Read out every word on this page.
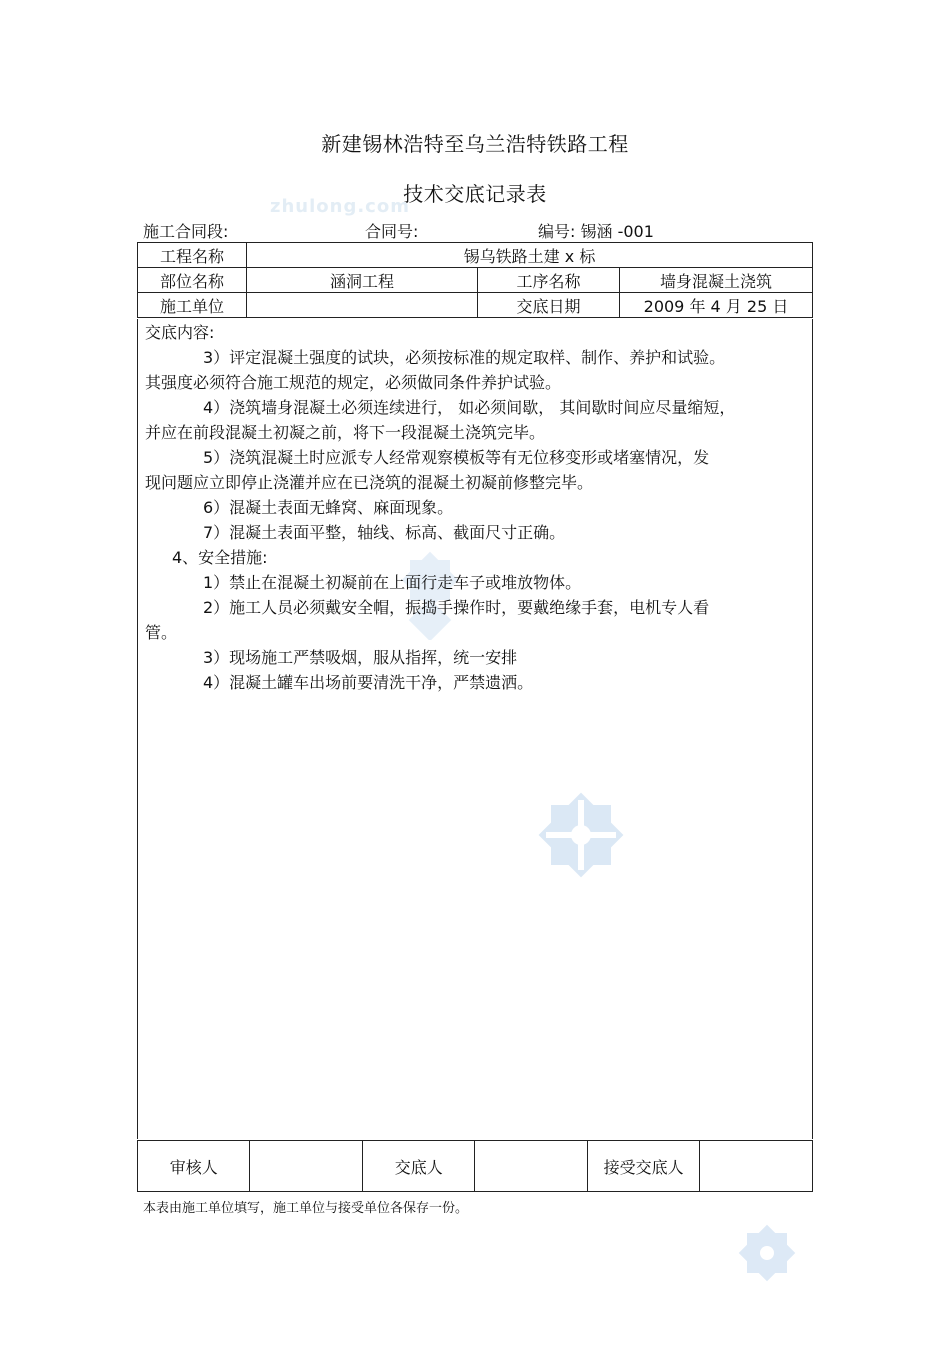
新建锡林浩特至乌兰浩特铁路工程
技术交底记录表
zhulong.com
施工合同段:	合同号:	编号: 锡涵 -001
工程名称	锡乌铁路土建 x 标		
部位名称	涵洞工程	工序名称	墙身混凝土浇筑
施工单位		交底日期	2009 年 4 月 25 日

交底内容:

3）评定混凝土强度的试块，必须按标准的规定取样、制作、养护和试验。

其强度必须符合施工规范的规定，必须做同条件养护试验。

4）浇筑墙身混凝土必须连续进行， 如必须间歇， 其间歇时间应尽量缩短，

并应在前段混凝土初凝之前，将下一段混凝土浇筑完毕。

5）浇筑混凝土时应派专人经常观察模板等有无位移变形或堵塞情况，发

现问题应立即停止浇灌并应在已浇筑的混凝土初凝前修整完毕。

6）混凝土表面无蜂窝、麻面现象。

7）混凝土表面平整，轴线、标高、截面尺寸正确。

4、安全措施:

1）禁止在混凝土初凝前在上面行走车子或堆放物体。

2）施工人员必须戴安全帽，振捣手操作时，要戴绝缘手套，电机专人看

管。

3）现场施工严禁吸烟，服从指挥，统一安排

4）混凝土罐车出场前要清洗干净，严禁遗洒。

审核人		交底人		接受交底人	
本表由施工单位填写，施工单位与接受单位各保存一份。
